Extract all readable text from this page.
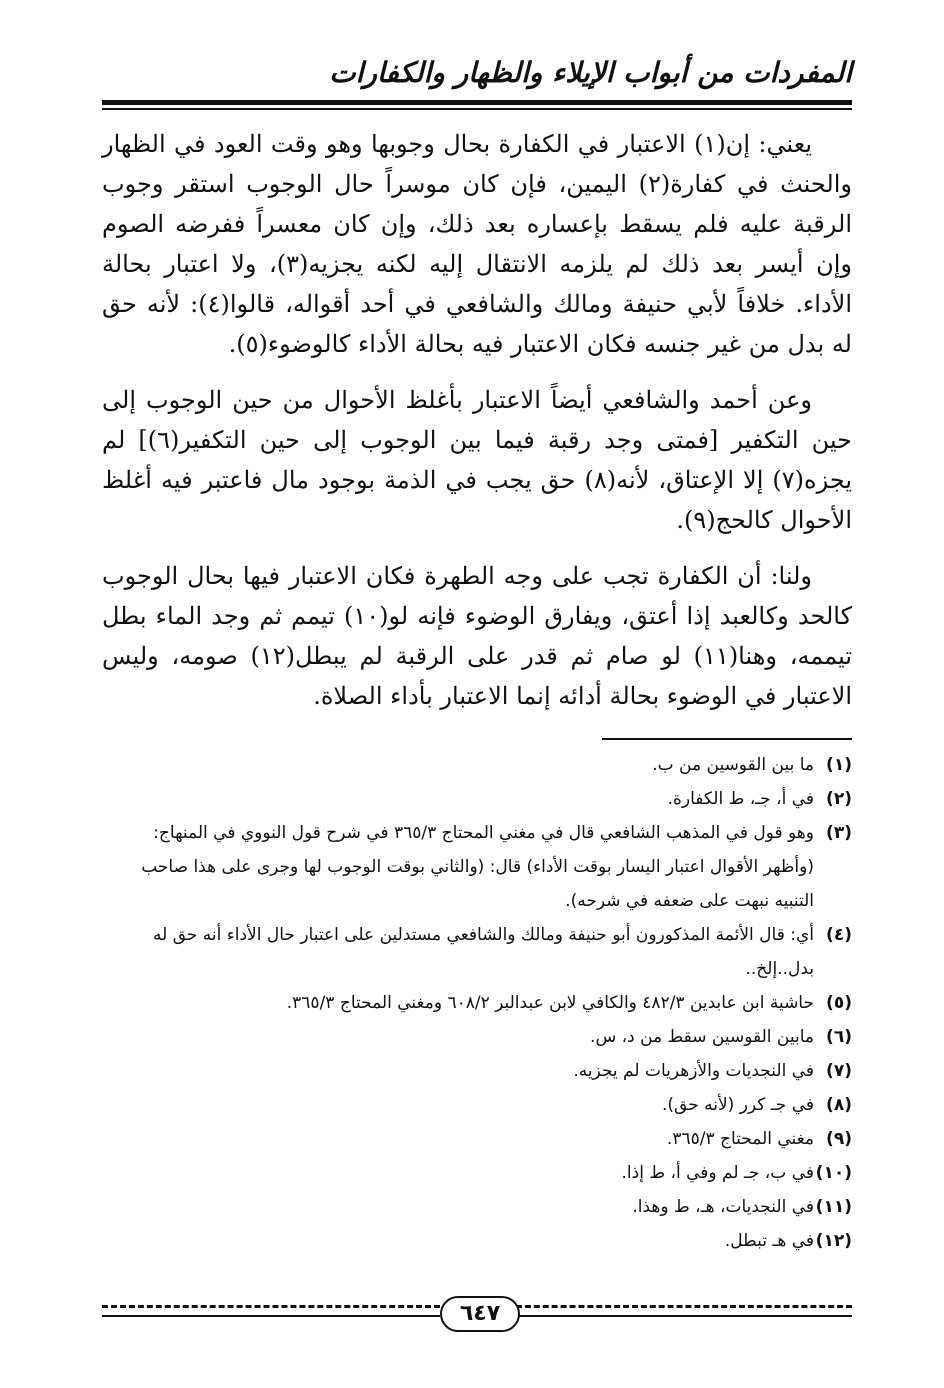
المفردات من أبواب الإيلاء والظهار والكفارات

يعني: إن(١) الاعتبار في الكفارة بحال وجوبها وهو وقت العود في الظهار والحنث في كفارة(٢) اليمين، فإن كان موسراً حال الوجوب استقر وجوب الرقبة عليه فلم يسقط بإعساره بعد ذلك، وإن كان معسراً ففرضه الصوم وإن أيسر بعد ذلك لم يلزمه الانتقال إليه لكنه يجزيه(٣)، ولا اعتبار بحالة الأداء. خلافاً لأبي حنيفة ومالك والشافعي في أحد أقواله، قالوا(٤): لأنه حق له بدل من غير جنسه فكان الاعتبار فيه بحالة الأداء كالوضوء(٥).

وعن أحمد والشافعي أيضاً الاعتبار بأغلظ الأحوال من حين الوجوب إلى حين التكفير [فمتى وجد رقبة فيما بين الوجوب إلى حين التكفير(٦)] لم يجزه(٧) إلا الإعتاق، لأنه(٨) حق يجب في الذمة بوجود مال فاعتبر فيه أغلظ الأحوال كالحج(٩).

ولنا: أن الكفارة تجب على وجه الطهرة فكان الاعتبار فيها بحال الوجوب كالحد وكالعبد إذا أعتق، ويفارق الوضوء فإنه لو(١٠) تيمم ثم وجد الماء بطل تيممه، وهنا(١١) لو صام ثم قدر على الرقبة لم يبطل(١٢) صومه، وليس الاعتبار في الوضوء بحالة أدائه إنما الاعتبار بأداء الصلاة.

(١)
ما بين القوسين من ب.
(٢)
في أ، جـ، ط الكفارة.
(٣)
وهو قول في المذهب الشافعي قال في مغني المحتاج ٣٦٥/٣ في شرح قول النووي في المنهاج: (وأظهر الأقوال اعتبار اليسار بوقت الأداء) قال: (والثاني بوقت الوجوب لها وجرى على هذا صاحب التنبيه نبهت على ضعفه في شرحه).
(٤)
أي: قال الأئمة المذكورون أبو حنيفة ومالك والشافعي مستدلين على اعتبار حال الأداء أنه حق له بدل..إلخ..
(٥)
حاشية ابن عابدين ٤٨٢/٣ والكافي لابن عبدالبر ٦٠٨/٢ ومغني المحتاج ٣٦٥/٣.
(٦)
مابين القوسين سقط من د، س.
(٧)
في النجديات والأزهريات لم يجزيه.
(٨)
في جـ كرر (لأنه حق).
(٩)
مغني المحتاج ٣٦٥/٣.
(١٠)
في ب، جـ لم وفي أ، ط إذا.
(١١)
في النجديات، هـ، ط وهذا.
(١٢)
في هـ تبطل.
٦٤٧
